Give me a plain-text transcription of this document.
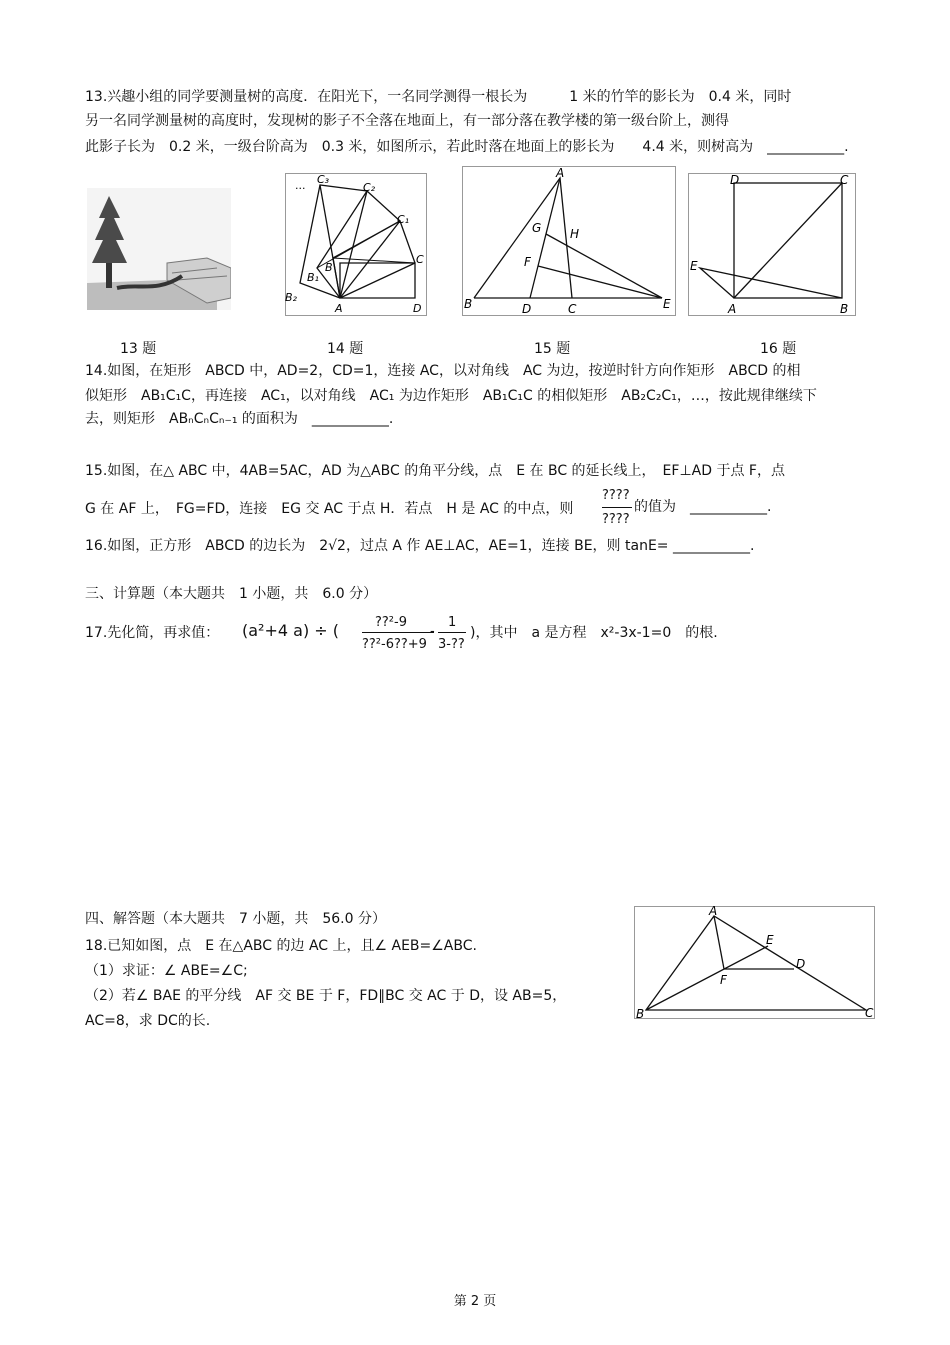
13.兴趣小组的同学要测量树的高度．在阳光下，一名同学测得一根长为　　　1 米的竹竿的影长为　0.4 米，同时
另一名同学测量树的高度时，发现树的影子不全落在地面上，有一部分落在教学楼的第一级台阶上，测得
此影子长为　0.2 米，一级台阶高为　0.3 米，如图所示，若此时落在地面上的影长为　　4.4 米，则树高为　___________.
... C₃
C₂
C₁
C
B
B₁
B₂
A	D
A
G H
F
B	D	C	E
D	C
E
A	B
13 题	14 题	15 题	16 题
14.如图，在矩形　ABCD 中，AD=2，CD=1，连接 AC，以对角线　AC 为边，按逆时针方向作矩形　ABCD 的相
似矩形　AB₁C₁C，再连接　AC₁，以对角线　AC₁ 为边作矩形　AB₁C₁C 的相似矩形　AB₂C₂C₁，…，按此规律继续下
去，则矩形　ABₙCₙCₙ₋₁ 的面积为　___________.
15.如图，在△ ABC 中，4AB=5AC，AD 为△ABC 的角平分线，点　E 在 BC 的延长线上，　EF⊥AD 于点 F，点
G 在 AF 上，　FG=FD，连接　EG 交 AC 于点 H．若点　H 是 AC 的中点，则
????
????
的值为　___________.
16.如图，正方形　ABCD 的边长为　2√2，过点 A 作 AE⊥AC，AE=1，连接 BE，则 tanE= ___________.
三、计算题（本大题共　1 小题，共　6.0 分）
17.先化简，再求值： (a²+4 a) ÷ (	??²-9
??²-6??+9
-
1
3-??
)，其中　a 是方程　x²-3x-1=0　的根.
四、解答题（本大题共　7 小题，共　56.0 分）
18.已知如图，点　E 在△ABC 的边 AC 上，且∠ AEB=∠ABC.
（1）求证：∠ ABE=∠C;
（2）若∠ BAE 的平分线　AF 交 BE 于 F，FD∥BC 交 AC 于 D，设 AB=5，
AC=8，求 DC的长.
A
E
D
F
B	C
第 2 页
